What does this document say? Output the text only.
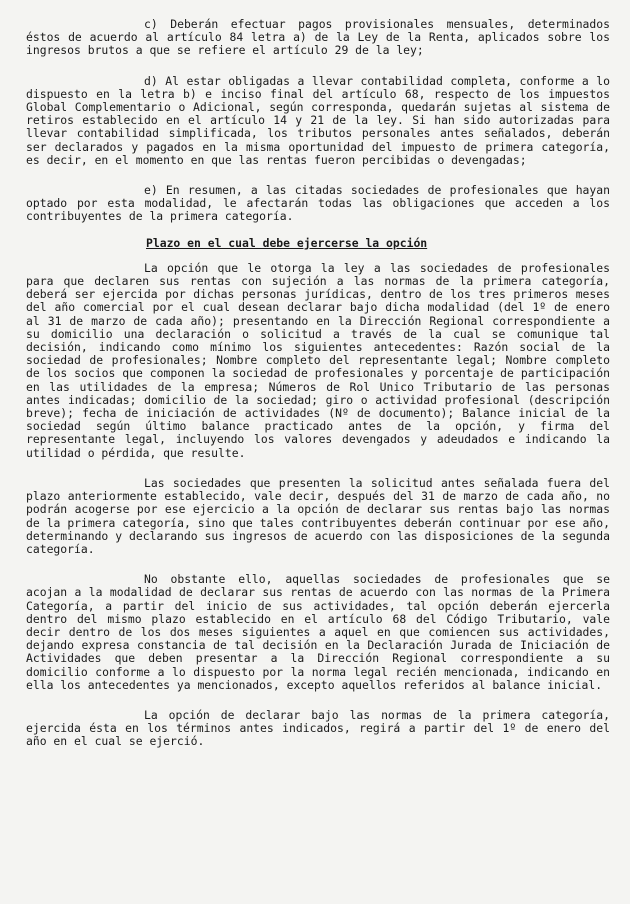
c) Deberán efectuar pagos provisionales mensuales, determinados éstos de acuerdo al artículo 84 letra a) de la Ley de la Renta, aplicados sobre los ingresos brutos a que se refiere el artículo 29 de la ley;

d) Al estar obligadas a llevar contabilidad completa, conforme a lo dispuesto en la letra b) e inciso final del artículo 68, respecto de los impuestos Global Complementario o Adicional, según corresponda, quedarán sujetas al sistema de retiros establecido en el artículo 14 y 21 de la ley. Si han sido autorizadas para llevar contabilidad simplificada, los tributos personales antes señalados, deberán ser declarados y pagados en la misma oportunidad del impuesto de primera categoría, es decir, en el momento en que las rentas fueron percibidas o devengadas;

e) En resumen, a las citadas sociedades de profesionales que hayan optado por esta modalidad, le afectarán todas las obligaciones que acceden a los contribuyentes de la primera categoría.

Plazo en el cual debe ejercerse la opción

La opción que le otorga la ley a las sociedades de profesionales para que declaren sus rentas con sujeción a las normas de la primera categoría, deberá ser ejercida por dichas personas jurídicas, dentro de los tres primeros meses del año comercial por el cual desean declarar bajo dicha modalidad (del 1º de enero al 31 de marzo de cada año); presentando en la Dirección Regional correspondiente a su domicilio una declaración o solicitud a través de la cual se comunique tal decisión, indicando como mínimo los siguientes antecedentes: Razón social de la sociedad de profesionales; Nombre completo del representante legal; Nombre completo de los socios que componen la sociedad de profesionales y porcentaje de participación en las utilidades de la empresa; Números de Rol Unico Tributario de las personas antes indicadas; domicilio de la sociedad; giro o actividad profesional (descripción breve); fecha de iniciación de actividades (Nº de documento); Balance inicial de la sociedad según último balance practicado antes de la opción, y firma del representante legal, incluyendo los valores devengados y adeudados e indicando la utilidad o pérdida, que resulte.

Las sociedades que presenten la solicitud antes señalada fuera del plazo anteriormente establecido, vale decir, después del 31 de marzo de cada año, no podrán acogerse por ese ejercicio a la opción de declarar sus rentas bajo las normas de la primera categoría, sino que tales contribuyentes deberán continuar por ese año, determinando y declarando sus ingresos de acuerdo con las disposiciones de la segunda categoría.

No obstante ello, aquellas sociedades de profesionales que se acojan a la modalidad de declarar sus rentas de acuerdo con las normas de la Primera Categoría, a partir del inicio de sus actividades, tal opción deberán ejercerla dentro del mismo plazo establecido en el artículo 68 del Código Tributario, vale decir dentro de los dos meses siguientes a aquel en que comiencen sus actividades, dejando expresa constancia de tal decisión en la Declaración Jurada de Iniciación de Actividades que deben presentar a la Dirección Regional correspondiente a su domicilio conforme a lo dispuesto por la norma legal recién mencionada, indicando en ella los antecedentes ya mencionados, excepto aquellos referidos al balance inicial.

La opción de declarar bajo las normas de la primera categoría, ejercida ésta en los términos antes indicados, regirá a partir del 1º de enero del año en el cual se ejerció.
